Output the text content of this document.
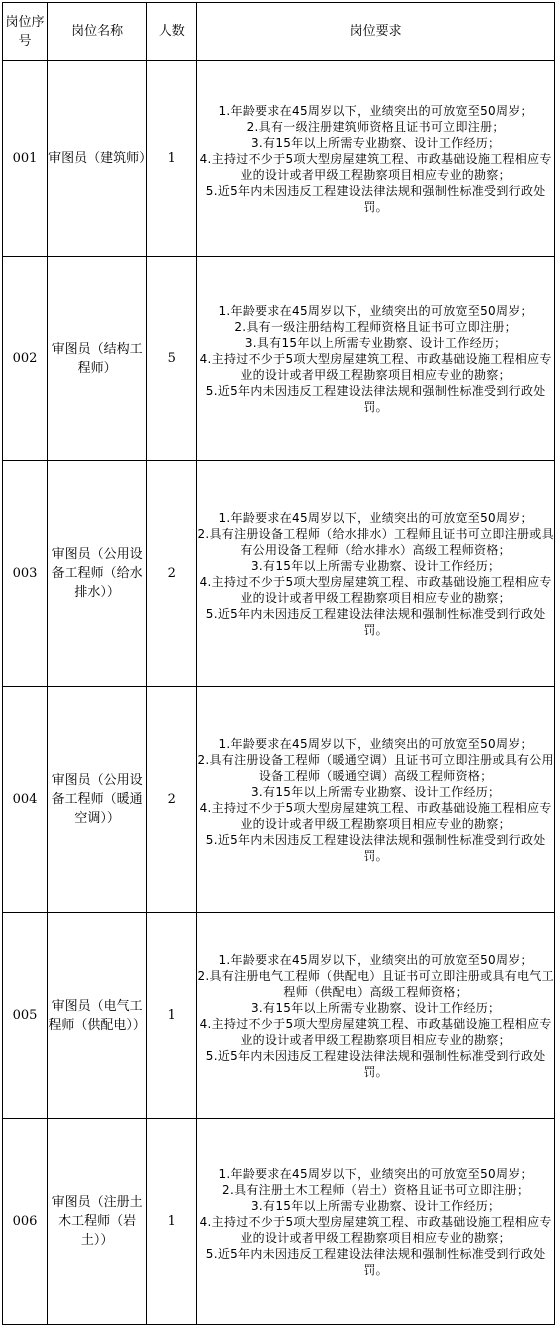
岗位序号	岗位名称	人数	岗位要求
001	审图员（建筑师）	1	1.年龄要求在45周岁以下，业绩突出的可放宽至50周岁；

2.具有一级注册建筑师资格且证书可立即注册；

3.有15年以上所需专业勘察、设计工作经历；

4.主持过不少于5项大型房屋建筑工程、市政基础设施工程相应专业的设计或者甲级工程勘察项目相应专业的勘察；

5.近5年内未因违反工程建设法律法规和强制性标准受到行政处罚。

002	审图员（结构工程师）	5	1.年龄要求在45周岁以下，业绩突出的可放宽至50周岁；

2.具有一级注册结构工程师资格且证书可立即注册；

3.具有15年以上所需专业勘察、设计工作经历；

4.主持过不少于5项大型房屋建筑工程、市政基础设施工程相应专业的设计或者甲级工程勘察项目相应专业的勘察；

5.近5年内未因违反工程建设法律法规和强制性标准受到行政处罚。

003	审图员（公用设备工程师（给水排水））	2	1.年龄要求在45周岁以下，业绩突出的可放宽至50周岁；

2.具有注册设备工程师（给水排水）工程师且证书可立即注册或具有公用设备工程师（给水排水）高级工程师资格；

3.有15年以上所需专业勘察、设计工作经历；

4.主持过不少于5项大型房屋建筑工程、市政基础设施工程相应专业的设计或者甲级工程勘察项目相应专业的勘察；

5.近5年内未因违反工程建设法律法规和强制性标准受到行政处罚。

004	审图员（公用设备工程师（暖通空调））	2	1.年龄要求在45周岁以下，业绩突出的可放宽至50周岁；

2.具有注册设备工程师（暖通空调）且证书可立即注册或具有公用设备工程师（暖通空调）高级工程师资格；

3.有15年以上所需专业勘察、设计工作经历；

4.主持过不少于5项大型房屋建筑工程、市政基础设施工程相应专业的设计或者甲级工程勘察项目相应专业的勘察；

5.近5年内未因违反工程建设法律法规和强制性标准受到行政处罚。

005	审图员（电气工程师（供配电））	1	1.年龄要求在45周岁以下，业绩突出的可放宽至50周岁；

2.具有注册电气工程师（供配电）且证书可立即注册或具有电气工程师（供配电）高级工程师资格；

3.有15年以上所需专业勘察、设计工作经历；

4.主持过不少于5项大型房屋建筑工程、市政基础设施工程相应专业的设计或者甲级工程勘察项目相应专业的勘察；

5.近5年内未因违反工程建设法律法规和强制性标准受到行政处罚。

006	审图员（注册土木工程师（岩土））	1	1.年龄要求在45周岁以下，业绩突出的可放宽至50周岁；

2.具有注册土木工程师（岩土）资格且证书可立即注册；

3.有15年以上所需专业勘察、设计工作经历；

4.主持过不少于5项大型房屋建筑工程、市政基础设施工程相应专业的设计或者甲级工程勘察项目相应专业的勘察；

5.近5年内未因违反工程建设法律法规和强制性标准受到行政处罚。
